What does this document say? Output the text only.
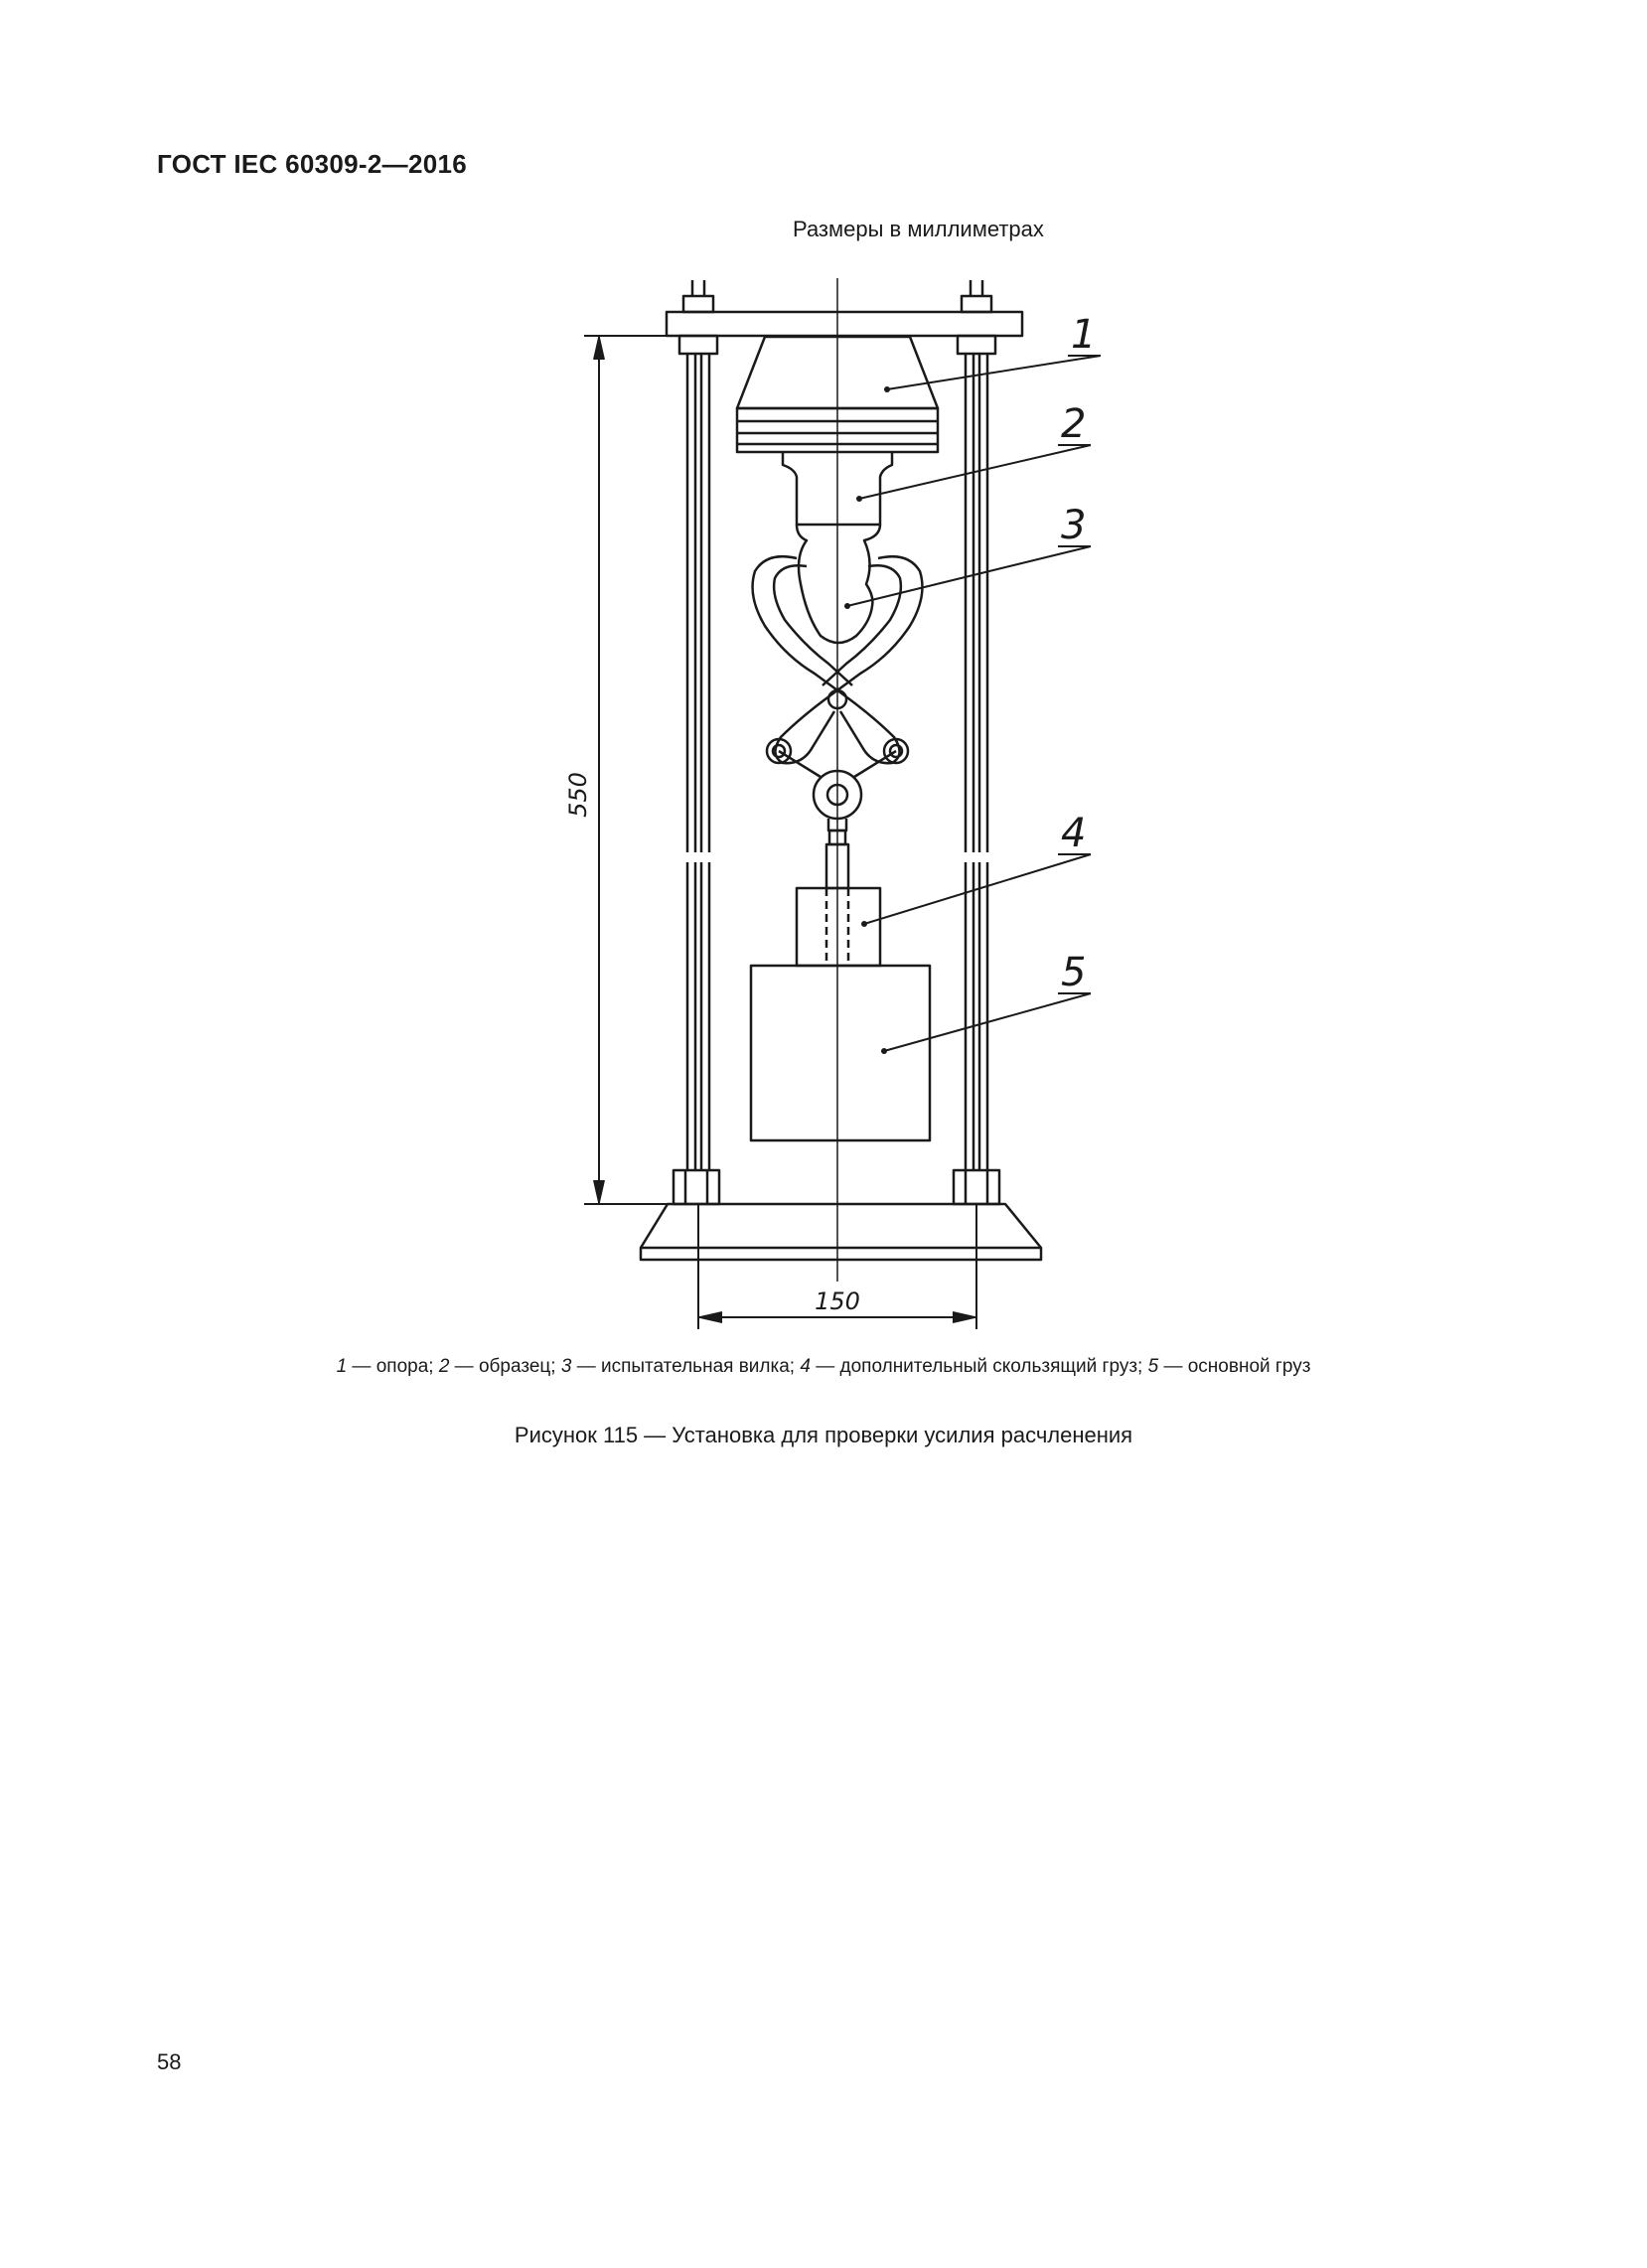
ГОСТ IEC 60309-2—2016
Размеры в миллиметрах
1
2
3
4
5
550
150
1 — опора; 2 — образец; 3 — испытательная вилка; 4 — дополнительный скользящий груз; 5 — основной груз
Рисунок 115 — Установка для проверки усилия расчленения
58
